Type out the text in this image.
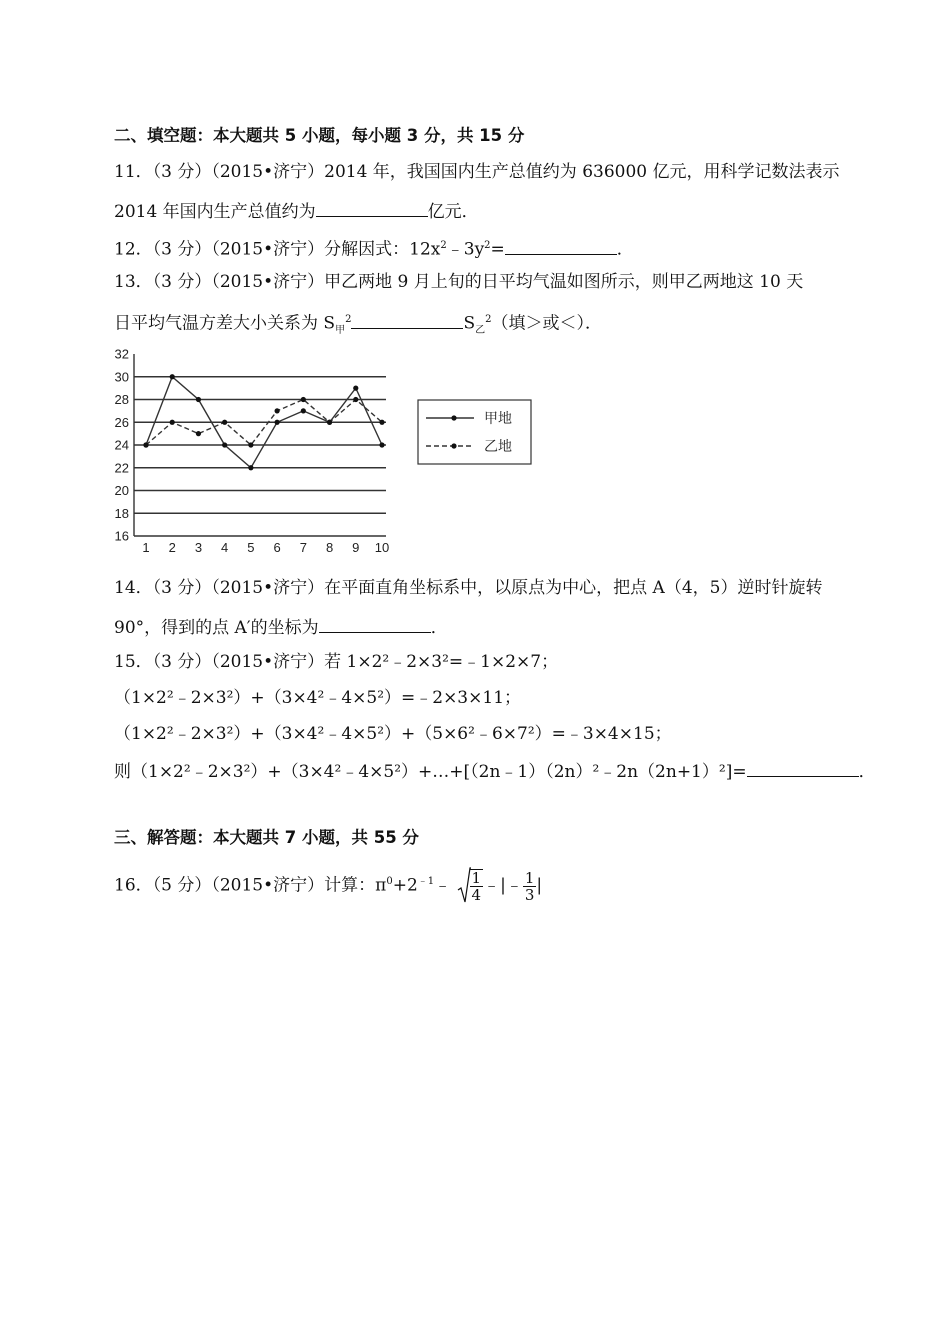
二、填空题：本大题共 5 小题，每小题 3 分，共 15 分
11．（3 分）（2015•济宁）2014 年，我国国内生产总值约为 636000 亿元，用科学记数法表示
2014 年国内生产总值约为	亿元．
12．（3 分）（2015•济宁）分解因式：$12x^2﹣3y^2=$	．
13．（3 分）（2015•济宁）甲乙两地 9 月上旬的日平均气温如图所示，则甲乙两地这 10 天
日平均气温方差大小关系为 $S_甲^2$	$S_乙^2$（填＞或＜）．
16
18
20
22
24
26
28
30
32
1 2 3 4 5 6 7 8 9 10
甲地
乙地
14．（3 分）（2015•济宁）在平面直角坐标系中，以原点为中心，把点 A（4，5）逆时针旋转
90°，得到的点 A′的坐标为	．
15．（3 分）（2015•济宁）若 1×2²﹣2×3²=﹣1×2×7；
（1×2²﹣2×3²）+（3×4²﹣4×5²）=﹣2×3×11；
（1×2²﹣2×3²）+（3×4²﹣4×5²）+（5×6²﹣6×7²）=﹣3×4×15；
则（1×2²﹣2×3²）+（3×4²﹣4×5²）+…+[（2n﹣1）（2n）²﹣2n（2n+1）²]=	．
三、解答题：本大题共 7 小题，共 55 分
16．（5 分）（2015•济宁）计算：$\pi^0+2^{﹣1}﹣ \frac{1}{4}$ ﹣|﹣ $\frac{1}{3}$ |
